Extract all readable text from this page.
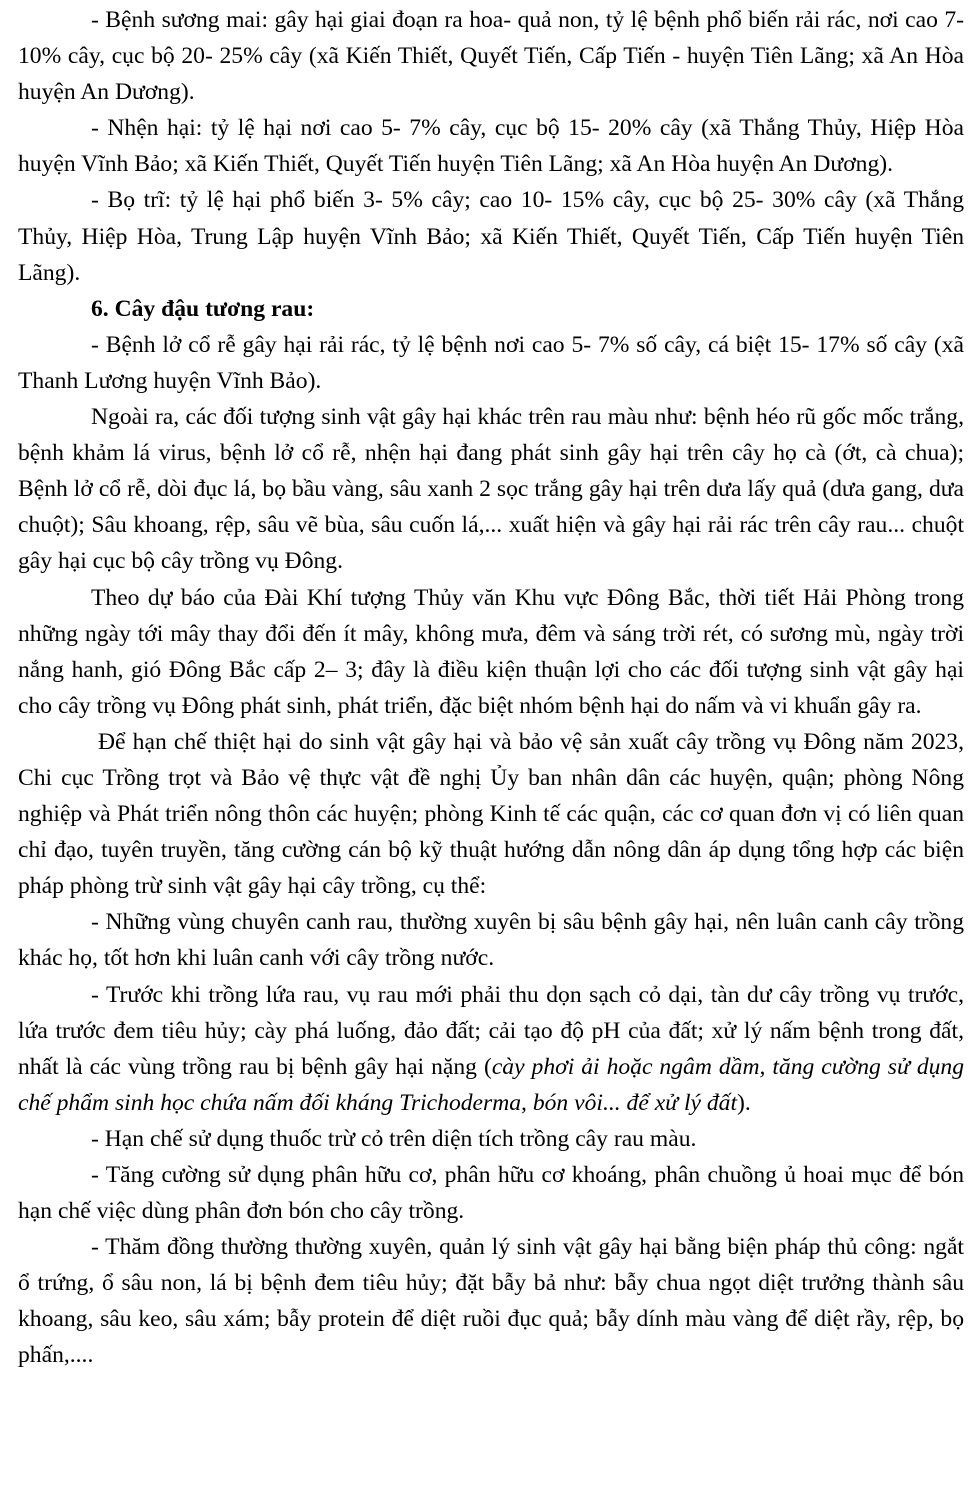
- Bệnh sương mai: gây hại giai đoạn ra hoa- quả non, tỷ lệ bệnh phổ biến rải rác, nơi cao 7- 10% cây, cục bộ 20- 25% cây (xã Kiến Thiết, Quyết Tiến, Cấp Tiến - huyện Tiên Lãng; xã An Hòa huyện An Dương).

- Nhện hại: tỷ lệ hại nơi cao 5- 7% cây, cục bộ 15- 20% cây (xã Thắng Thủy, Hiệp Hòa huyện Vĩnh Bảo; xã Kiến Thiết, Quyết Tiến huyện Tiên Lãng; xã An Hòa huyện An Dương).

- Bọ trĩ: tỷ lệ hại phổ biến 3- 5% cây; cao 10- 15% cây, cục bộ 25- 30% cây (xã Thắng Thủy, Hiệp Hòa, Trung Lập huyện Vĩnh Bảo; xã Kiến Thiết, Quyết Tiến, Cấp Tiến huyện Tiên Lãng).

6. Cây đậu tương rau:

- Bệnh lở cổ rễ gây hại rải rác, tỷ lệ bệnh nơi cao 5- 7% số cây, cá biệt 15- 17% số cây (xã Thanh Lương huyện Vĩnh Bảo).

Ngoài ra, các đối tượng sinh vật gây hại khác trên rau màu như: bệnh héo rũ gốc mốc trắng, bệnh khảm lá virus, bệnh lở cổ rễ, nhện hại đang phát sinh gây hại trên cây họ cà (ớt, cà chua); Bệnh lở cổ rễ, dòi đục lá, bọ bầu vàng, sâu xanh 2 sọc trắng gây hại trên dưa lấy quả (dưa gang, dưa chuột); Sâu khoang, rệp, sâu vẽ bùa, sâu cuốn lá,... xuất hiện và gây hại rải rác trên cây rau... chuột gây hại cục bộ cây trồng vụ Đông.

Theo dự báo của Đài Khí tượng Thủy văn Khu vực Đông Bắc, thời tiết Hải Phòng trong những ngày tới mây thay đổi đến ít mây, không mưa, đêm và sáng trời rét, có sương mù, ngày trời nắng hanh, gió Đông Bắc cấp 2– 3; đây là điều kiện thuận lợi cho các đối tượng sinh vật gây hại cho cây trồng vụ Đông phát sinh, phát triển, đặc biệt nhóm bệnh hại do nấm và vi khuẩn gây ra.

Để hạn chế thiệt hại do sinh vật gây hại và bảo vệ sản xuất cây trồng vụ Đông năm 2023, Chi cục Trồng trọt và Bảo vệ thực vật đề nghị Ủy ban nhân dân các huyện, quận; phòng Nông nghiệp và Phát triển nông thôn các huyện; phòng Kinh tế các quận, các cơ quan đơn vị có liên quan chỉ đạo, tuyên truyền, tăng cường cán bộ kỹ thuật hướng dẫn nông dân áp dụng tổng hợp các biện pháp phòng trừ sinh vật gây hại cây trồng, cụ thể:

- Những vùng chuyên canh rau, thường xuyên bị sâu bệnh gây hại, nên luân canh cây trồng khác họ, tốt hơn khi luân canh với cây trồng nước.

- Trước khi trồng lứa rau, vụ rau mới phải thu dọn sạch cỏ dại, tàn dư cây trồng vụ trước, lứa trước đem tiêu hủy; cày phá luống, đảo đất; cải tạo độ pH của đất; xử lý nấm bệnh trong đất, nhất là các vùng trồng rau bị bệnh gây hại nặng (cày phơi ải hoặc ngâm dầm, tăng cường sử dụng chế phẩm sinh học chứa nấm đối kháng Trichoderma, bón vôi... để xử lý đất).

- Hạn chế sử dụng thuốc trừ cỏ trên diện tích trồng cây rau màu.

- Tăng cường sử dụng phân hữu cơ, phân hữu cơ khoáng, phân chuồng ủ hoai mục để bón hạn chế việc dùng phân đơn bón cho cây trồng.

- Thăm đồng thường thường xuyên, quản lý sinh vật gây hại bằng biện pháp thủ công: ngắt ổ trứng, ổ sâu non, lá bị bệnh đem tiêu hủy; đặt bẫy bả như: bẫy chua ngọt diệt trưởng thành sâu khoang, sâu keo, sâu xám; bẫy protein để diệt ruồi đục quả; bẫy dính màu vàng để diệt rầy, rệp, bọ phấn,....
